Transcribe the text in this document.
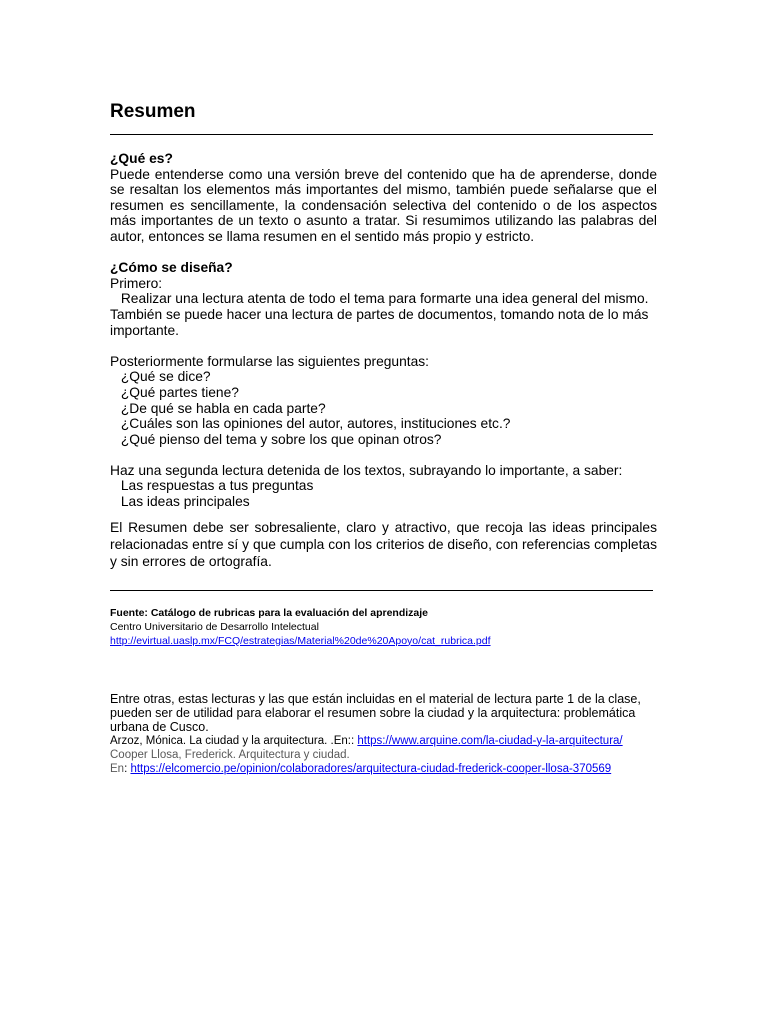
Resumen
¿Qué es?
Puede entenderse como una versión breve del contenido que ha de aprenderse, donde se resaltan los elementos más importantes del mismo, también puede señalarse que el resumen es sencillamente, la condensación selectiva del contenido o de los aspectos más importantes de un texto o asunto a tratar. Si resumimos utilizando las palabras del autor, entonces se llama resumen en el sentido más propio y estricto.
¿Cómo se diseña?
Primero:
Realizar una lectura atenta de todo el tema para formarte una idea general del mismo. También se puede hacer una lectura de partes de documentos, tomando nota de lo más importante.
Posteriormente formularse las siguientes preguntas:
¿Qué se dice?
¿Qué partes tiene?
¿De qué se habla en cada parte?
¿Cuáles son las opiniones del autor, autores, instituciones etc.?
¿Qué pienso del tema y sobre los que opinan otros?
Haz una segunda lectura detenida de los textos, subrayando lo importante, a saber:
Las respuestas a tus preguntas
Las ideas principales
El Resumen debe ser sobresaliente, claro y atractivo, que recoja las ideas principales relacionadas entre sí y que cumpla con los criterios de diseño, con referencias completas y sin errores de ortografía.
Fuente: Catálogo de rubricas para la evaluación del aprendizaje
Centro Universitario de Desarrollo Intelectual
http://evirtual.uaslp.mx/FCQ/estrategias/Material%20de%20Apoyo/cat_rubrica.pdf
Entre otras, estas lecturas y las que están incluidas en el material de lectura parte 1 de la clase, pueden ser de utilidad para elaborar el resumen sobre la ciudad y la arquitectura: problemática urbana de Cusco.
Arzoz, Mónica. La ciudad y la arquitectura. .En:: https://www.arquine.com/la-ciudad-y-la-arquitectura/
Cooper Llosa, Frederick. Arquitectura y ciudad.
En: https://elcomercio.pe/opinion/colaboradores/arquitectura-ciudad-frederick-cooper-llosa-370569
